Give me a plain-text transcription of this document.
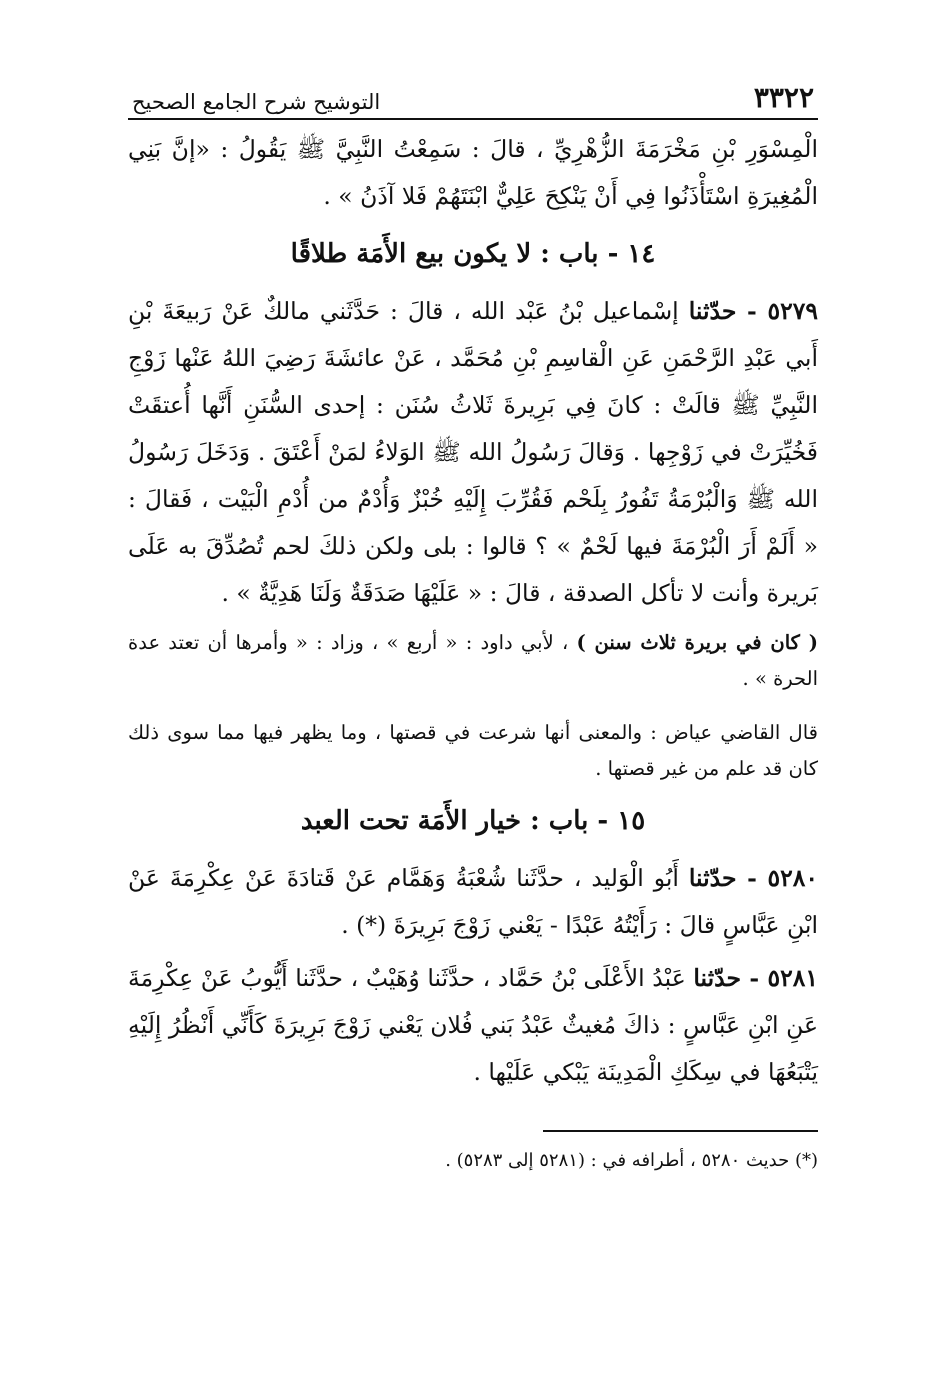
٣٣٢٢
التوشيح شرح الجامع الصحيح

الْمِسْوَرِ بْنِ مَخْرَمَةَ الزُّهْرِيِّ ، قالَ : سَمِعْتُ النَّبِيَّ ﷺ يَقُولُ : «إنَّ بَنِي الْمُغِيرَةِ اسْتَأْذَنُوا فِي أَنْ يَنْكِحَ عَلِيٌّ ابْنَتَهُمْ فَلا آذَنُ » .

١٤ - باب : لا يكون بيع الأَمَة طلاقًا

٥٢٧٩ - حدّثنا إسْماعيل بْنُ عَبْد الله ، قالَ : حَدَّثَني مالكٌ عَنْ رَبيعَةَ بْنِ أَبي عَبْدِ الرَّحْمَنِ عَنِ الْقاسِمِ بْنِ مُحَمَّد ، عَنْ عائشَةَ رَضِيَ اللهُ عَنْها زَوْجِ النَّبِيِّ ﷺ قالَتْ : كانَ فِي بَرِيرةَ ثَلاثُ سُنَن : إحدى السُّنَنِ أَنَّها أُعتقَتْ فَخُيِّرَتْ في زَوْجِها . وَقالَ رَسُولُ الله ﷺ الوَلاءُ لمَنْ أَعْتَقَ . وَدَخَلَ رَسُولُ الله ﷺ وَالْبُرْمَةُ تَفُورُ بِلَحْم فَقُرِّبَ إِلَيْهِ خُبْزٌ وَأُدْمٌ من أُدْمِ الْبَيْت ، فَقالَ : « أَلَمْ أَرَ الْبُرْمَةَ فيها لَحْمٌ » ؟ قالوا : بلى ولكن ذلكَ لحم تُصُدِّقَ به عَلَى بَريرة وأنت لا تأكل الصدقة ، قالَ : « عَلَيْهَا صَدَقَةٌ وَلَنَا هَدِيَّةٌ » .

( كان في بريرة ثلاث سنن ) ، لأبي داود : « أربع » ، وزاد : « وأمرها أن تعتد عدة الحرة » .

قال القاضي عياض : والمعنى أنها شرعت في قصتها ، وما يظهر فيها مما سوى ذلك كان قد علم من غير قصتها .

١٥ - باب : خيار الأَمَة تحت العبد

٥٢٨٠ - حدّثنا أَبُو الْوَليد ، حدَّثَنا شُعْبَةُ وَهَمَّام عَنْ قَتادَةَ عَنْ عِكْرِمَةَ عَنْ ابْنِ عَبَّاسٍ قالَ : رَأَيْتُهُ عَبْدًا - يَعْني زَوْجَ بَرِيرَةَ (*) .

٥٢٨١ - حدّثنا عَبْدُ الأَعْلَى بْنُ حَمَّاد ، حدَّثَنا وُهَيْبٌ ، حدَّثَنا أَيُّوبُ عَنْ عِكْرِمَةَ عَنِ ابْنِ عَبَّاسٍ : ذاكَ مُغيثٌ عَبْدُ بَني فُلان يَعْني زَوْجَ بَرِيرَةَ كَأَنِّي أَنْظُرُ إِلَيْهِ يَتْبَعُهَا في سِكَكِ الْمَدِينَة يَبْكي عَلَيْها .

(*) حديث ٥٢٨٠ ، أطرافه في : (٥٢٨١ إلى ٥٢٨٣) .
